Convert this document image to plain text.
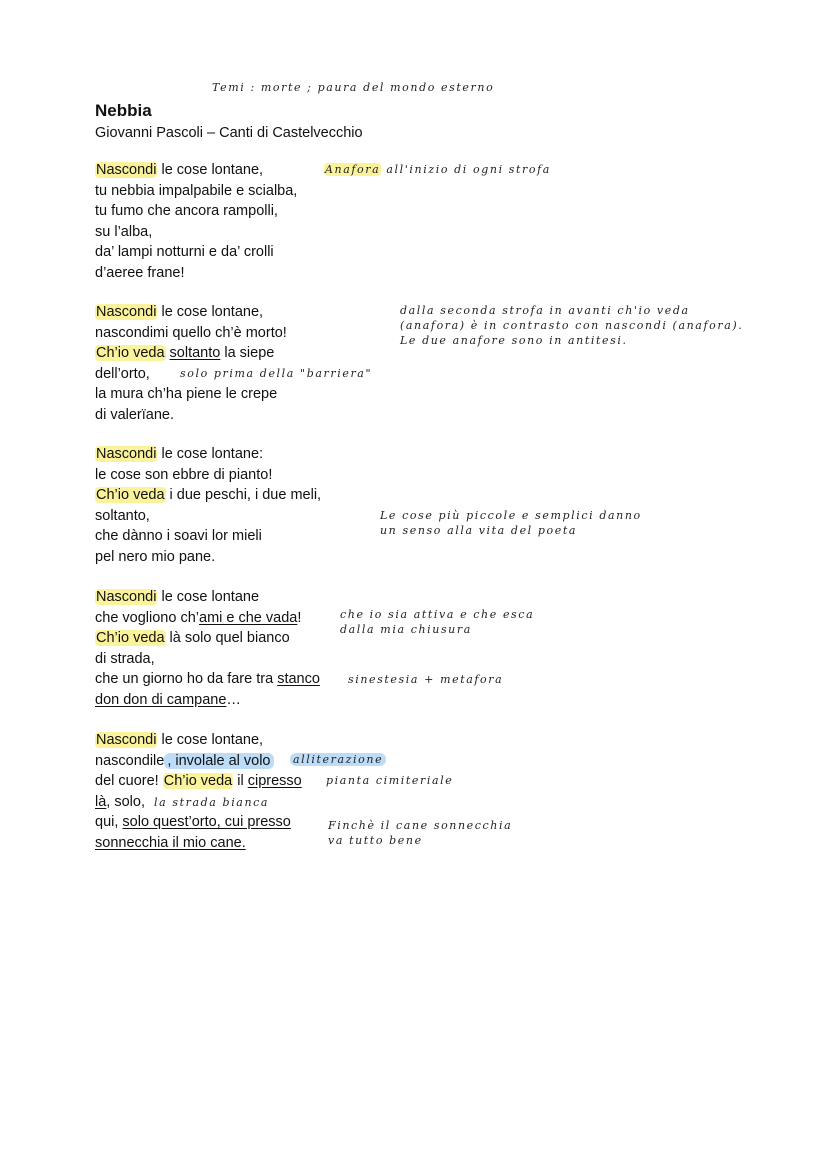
Temi : morte ; paura del mondo esterno
Nebbia
Giovanni Pascoli – Canti di Castelvecchio
Nascondi le cose lontane,
tu nebbia impalpabile e scialba,
tu fumo che ancora rampolli,
su l’alba,
da’ lampi notturni e da’ crolli
d’aeree frane!
Anafora all'inizio di ogni strofa
Nascondi le cose lontane,
nascondimi quello ch’è morto!
Ch’io veda soltanto la siepe
dell’orto,
la mura ch’ha piene le crepe
di valerïane.
solo prima della "barriera"
dalla seconda strofa in avanti ch'io veda
(anafora) è in contrasto con nascondi (anafora).
Le due anafore sono in antitesi.
Nascondi le cose lontane:
le cose son ebbre di pianto!
Ch’io veda i due peschi, i due meli,
soltanto,
che dànno i soavi lor mieli
pel nero mio pane.
Le cose più piccole e semplici danno
un senso alla vita del poeta
Nascondi le cose lontane
che vogliono ch’ami e che vada!
Ch’io veda là solo quel bianco
di strada,
che un giorno ho da fare tra stanco
don don di campane…
che io sia attiva e che esca
dalla mia chiusura
sinestesia + metafora
Nascondi le cose lontane,
nascondile , involale al volo
del cuore! Ch’io veda il cipresso
là, solo,
qui, solo quest’orto, cui presso
sonnecchia il mio cane.
alliterazione
pianta cimiteriale
la strada bianca
Finchè il cane sonnecchia
va tutto bene
